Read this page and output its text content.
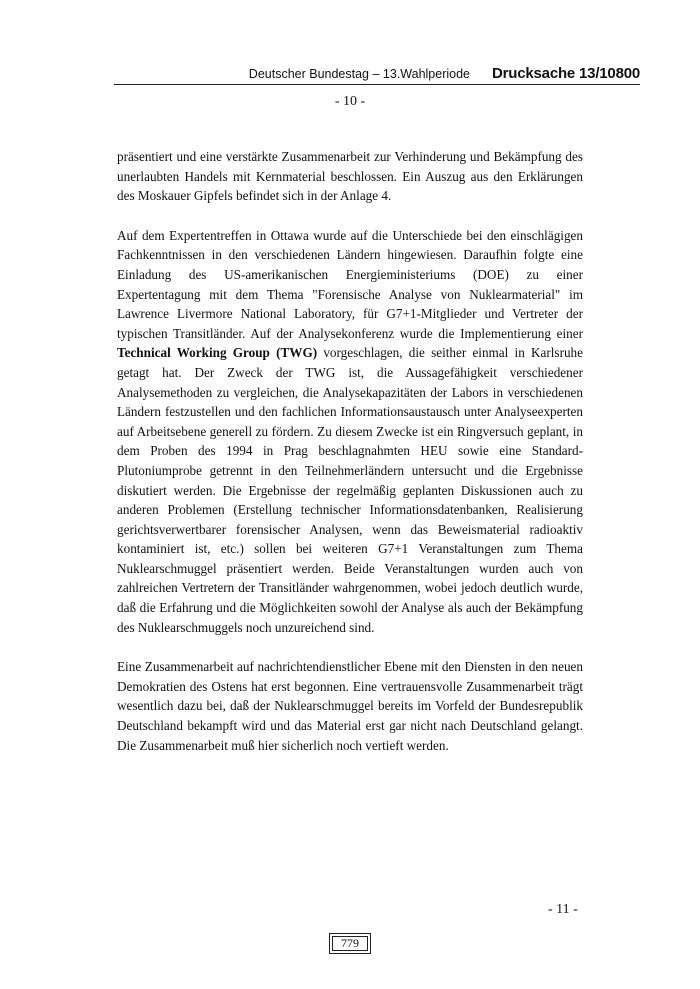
Deutscher Bundestag – 13.Wahlperiode Drucksache 13/10800
- 10 -

präsentiert und eine verstärkte Zusammenarbeit zur Verhinderung und Bekämpfung des unerlaubten Handels mit Kernmaterial beschlossen. Ein Auszug aus den Erklärungen des Moskauer Gipfels befindet sich in der Anlage 4.

Auf dem Expertentreffen in Ottawa wurde auf die Unterschiede bei den einschlägigen Fachkenntnissen in den verschiedenen Ländern hingewiesen. Daraufhin folgte eine Einladung des US-amerikanischen Energieministeriums (DOE) zu einer Expertentagung mit dem Thema "Forensische Analyse von Nuklearmaterial" im Lawrence Livermore National Laboratory, für G7+1-Mitglieder und Vertreter der typischen Transitländer. Auf der Analysekonferenz wurde die Implementierung einer Technical Working Group (TWG) vorgeschlagen, die seither einmal in Karlsruhe getagt hat. Der Zweck der TWG ist, die Aussagefähigkeit verschiedener Analysemethoden zu vergleichen, die Analysekapazitäten der Labors in verschiedenen Ländern festzustellen und den fachlichen Informationsaustausch unter Analyseexperten auf Arbeitsebene generell zu fördern. Zu diesem Zwecke ist ein Ringversuch geplant, in dem Proben des 1994 in Prag beschlagnahmten HEU sowie eine Standard-Plutoniumprobe getrennt in den Teilnehmerländern untersucht und die Ergebnisse diskutiert werden. Die Ergebnisse der regelmäßig geplanten Diskussionen auch zu anderen Problemen (Erstellung technischer Informationsdatenbanken, Realisierung gerichtsverwertbarer forensischer Analysen, wenn das Beweismaterial radioaktiv kontaminiert ist, etc.) sollen bei weiteren G7+1 Veranstaltungen zum Thema Nuklearschmuggel präsentiert werden. Beide Veranstaltungen wurden auch von zahlreichen Vertretern der Transitländer wahrgenommen, wobei jedoch deutlich wurde, daß die Erfahrung und die Möglichkeiten sowohl der Analyse als auch der Bekämpfung des Nuklearschmuggels noch unzureichend sind.

Eine Zusammenarbeit auf nachrichtendienstlicher Ebene mit den Diensten in den neuen Demokratien des Ostens hat erst begonnen. Eine vertrauensvolle Zusammenarbeit trägt wesentlich dazu bei, daß der Nuklearschmuggel bereits im Vorfeld der Bundesrepublik Deutschland bekampft wird und das Material erst gar nicht nach Deutschland gelangt. Die Zusammenarbeit muß hier sicherlich noch vertieft werden.

- 11 -
779
